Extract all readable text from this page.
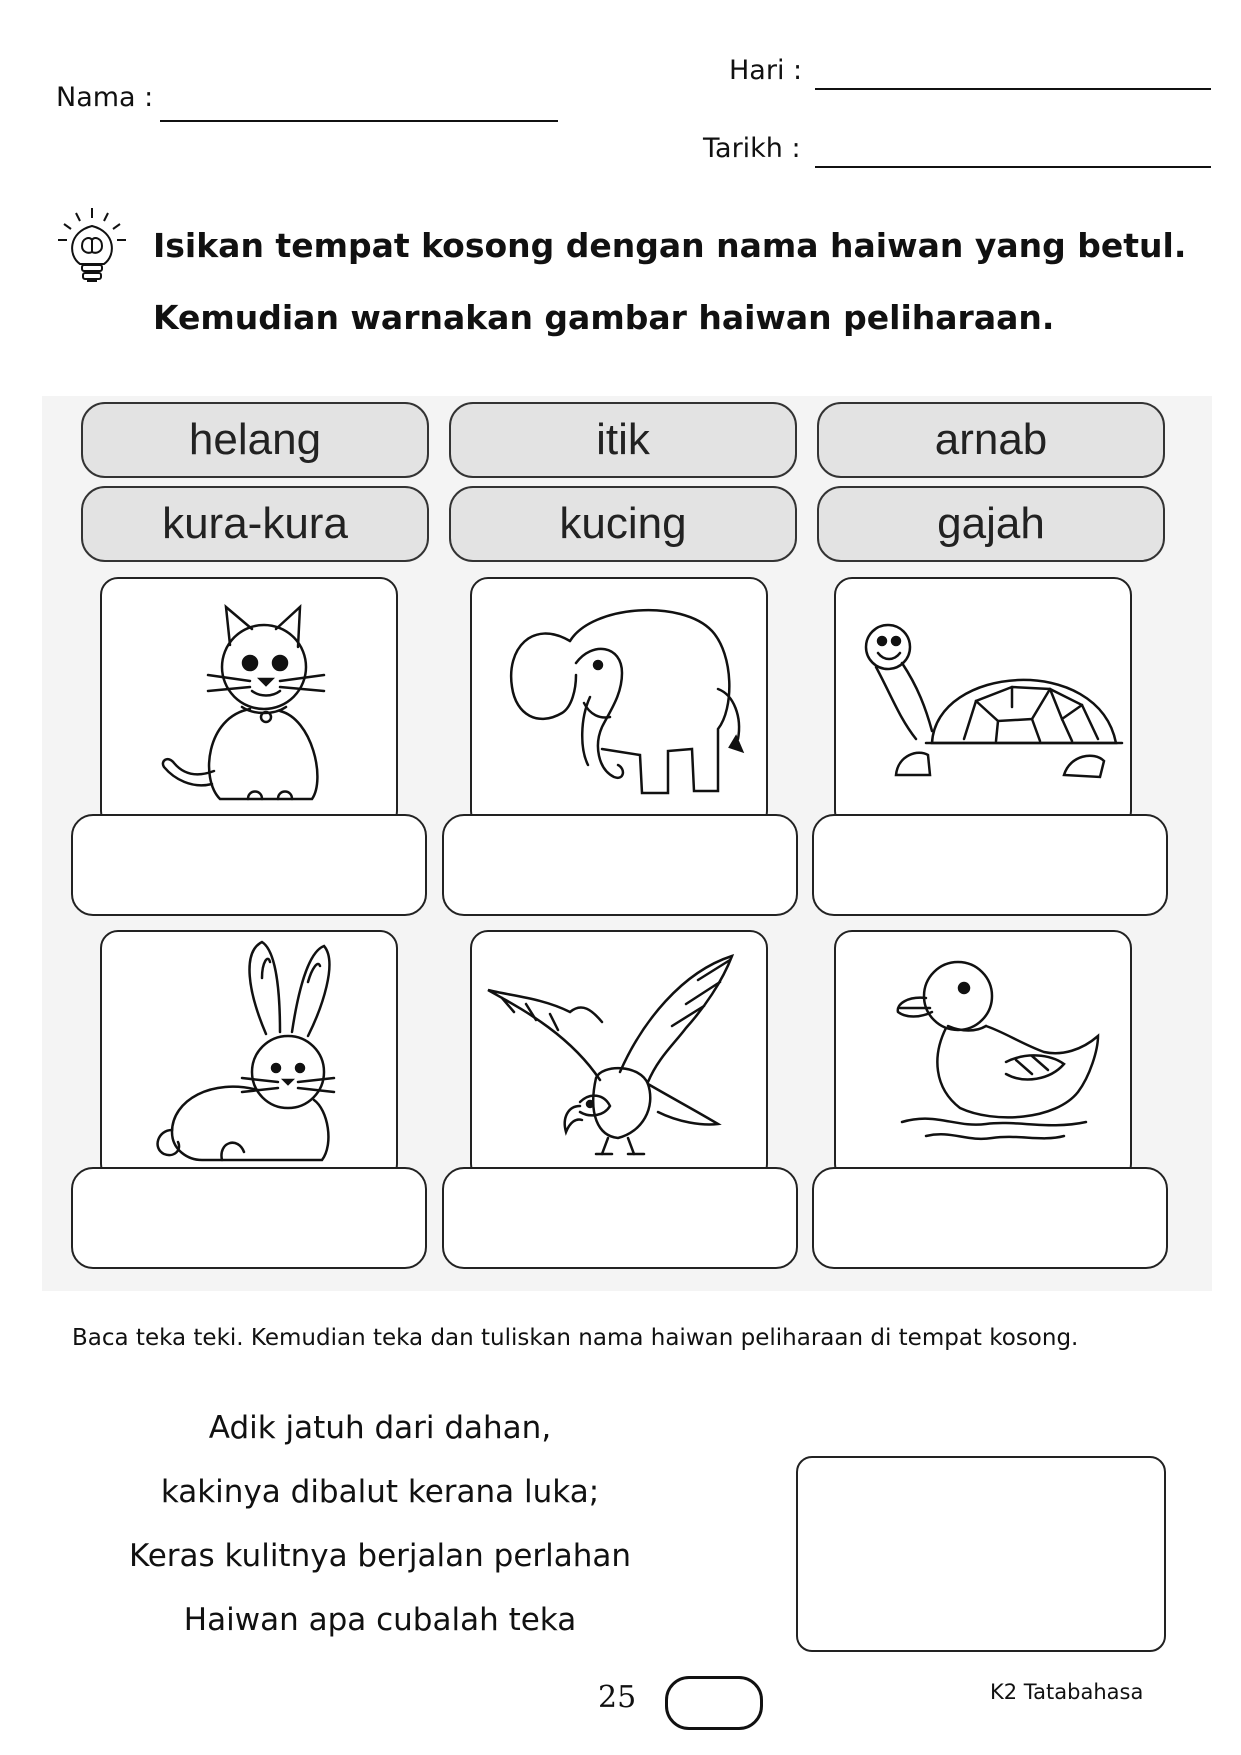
Nama :
Hari :
Tarikh :
Isikan tempat kosong dengan nama haiwan yang betul.
Kemudian warnakan gambar haiwan peliharaan.
helang	itik	arnab
kura-kura	kucing	gajah
Baca teka teki. Kemudian teka dan tuliskan nama haiwan peliharaan di tempat kosong.
Adik jatuh dari dahan,
kakinya dibalut kerana luka;
Keras kulitnya berjalan perlahan
Haiwan apa cubalah teka
25	K2 Tatabahasa
